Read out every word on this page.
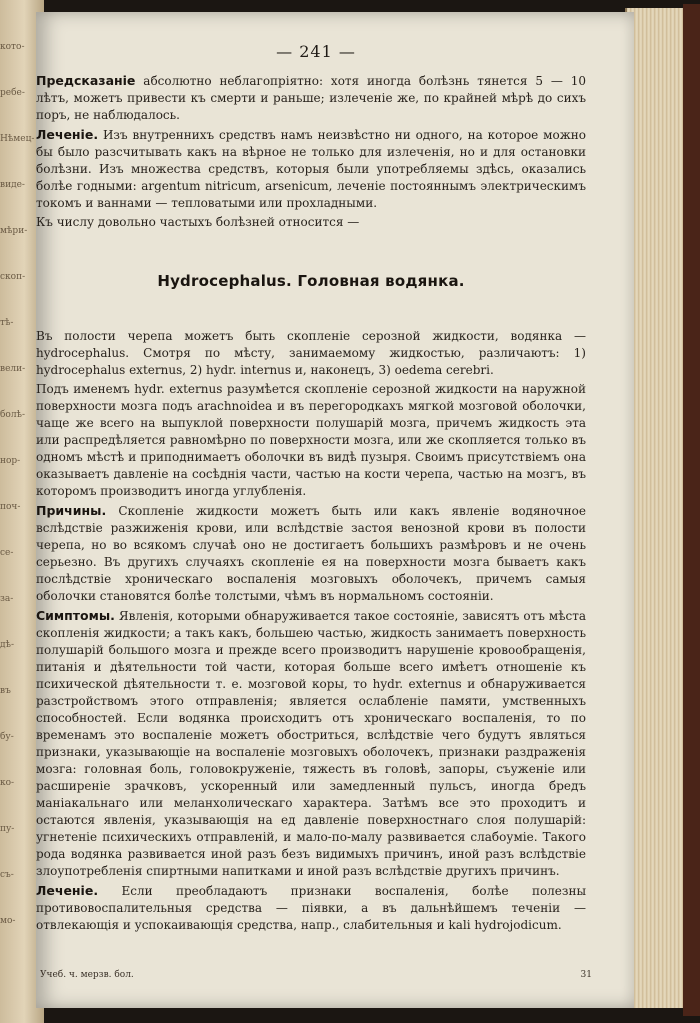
кото-
ребе-
Нѣмец-
виде-
мѣри-
скоп-
тѣ-
вели-
болѣ-
нор-
поч-
се-
за-
дѣ-
въ
бу-
ко-
пу-
съ-
мо-
— 241 —

Предсказаніе абсолютно неблагопріятно: хотя иногда болѣзнь тянется 5 — 10 лѣтъ, можетъ привести къ смерти и раньше; излеченіе же, по крайней мѣрѣ до сихъ поръ, не наблюдалось.

Леченіе. Изъ внутреннихъ средствъ намъ неизвѣстно ни одного, на которое можно бы было разсчитывать какъ на вѣрное не только для излеченія, но и для остановки болѣзни. Изъ множества средствъ, которыя были употребляемы здѣсь, оказались болѣе годными: argentum nitricum, arsenicum, леченіе постояннымъ электрическимъ токомъ и ваннами — тепловатыми или прохладными.

Къ числу довольно частыхъ болѣзней относится —

Hydrocephalus. Головная водянка.

Въ полости черепа можетъ быть скопленіе серозной жидкости, водянка — hydrocephalus. Смотря по мѣсту, занимаемому жидкостью, различаютъ: 1) hydrocephalus externus, 2) hydr. internus и, наконецъ, 3) oedema cerebri.

Подъ именемъ hydr. externus разумѣется скопленіе серозной жидкости на наружной поверхности мозга подъ arachnoidea и въ перегородкахъ мягкой мозговой оболочки, чаще же всего на выпуклой поверхности полушарій мозга, причемъ жидкость эта или распредѣляется равномѣрно по поверхности мозга, или же скопляется только въ одномъ мѣстѣ и приподнимаетъ оболочки въ видѣ пузыря. Своимъ присутствіемъ она оказываетъ давленіе на сосѣднія части, частью на кости черепа, частью на мозгъ, въ которомъ производитъ иногда углубленія.

Причины. Скопленіе жидкости можетъ быть или какъ явленіе водяночное вслѣдствіе разжиженія крови, или вслѣдствіе застоя венозной крови въ полости черепа, но во всякомъ случаѣ оно не достигаетъ большихъ размѣровъ и не очень серьезно. Въ другихъ случаяхъ скопленіе ея на поверхности мозга бываетъ какъ послѣдствіе хроническаго воспаленія мозговыхъ оболочекъ, причемъ самыя оболочки становятся болѣе толстыми, чѣмъ въ нормальномъ состояніи.

Симптомы. Явленія, которыми обнаруживается такое состояніе, зависятъ отъ мѣста скопленія жидкости; а такъ какъ, большею частью, жидкость занимаетъ поверхность полушарій большого мозга и прежде всего производитъ нарушеніе кровообращенія, питанія и дѣятельности той части, которая больше всего имѣетъ отношеніе къ психической дѣятельности т. е. мозговой коры, то hydr. externus и обнаруживается разстройствомъ этого отправленія; является ослабленіе памяти, умственныхъ способностей. Если водянка происходитъ отъ хроническаго воспаленія, то по временамъ это воспаленіе можетъ обостриться, вслѣдствіе чего будутъ являться признаки, указывающіе на воспаленіе мозговыхъ оболочекъ, признаки раздраженія мозга: головная боль, головокруженіе, тяжесть въ головѣ, запоры, съуженіе или расширеніе зрачковъ, ускоренный или замедленный пульсъ, иногда бредъ маніакальнаго или меланхолическаго характера. Затѣмъ все это проходитъ и остаются явленія, указывающія на ед давленіе поверхностнаго слоя полушарій: угнетеніе психическихъ отправленій, и мало-по-малу развивается слабоуміе. Такого рода водянка развивается иной разъ безъ видимыхъ причинъ, иной разъ вслѣдствіе злоупотребленія спиртными напитками и иной разъ вслѣдствіе другихъ причинъ.

Леченіе. Если преобладаютъ признаки воспаленія, болѣе полезны противовоспалительныя средства — піявки, а въ дальнѣйшемъ теченіи — отвлекающія и успокаивающія средства, напр., слабительныя и kali hydrojodicum.

Учеб. ч. мерзв. бол.	31
